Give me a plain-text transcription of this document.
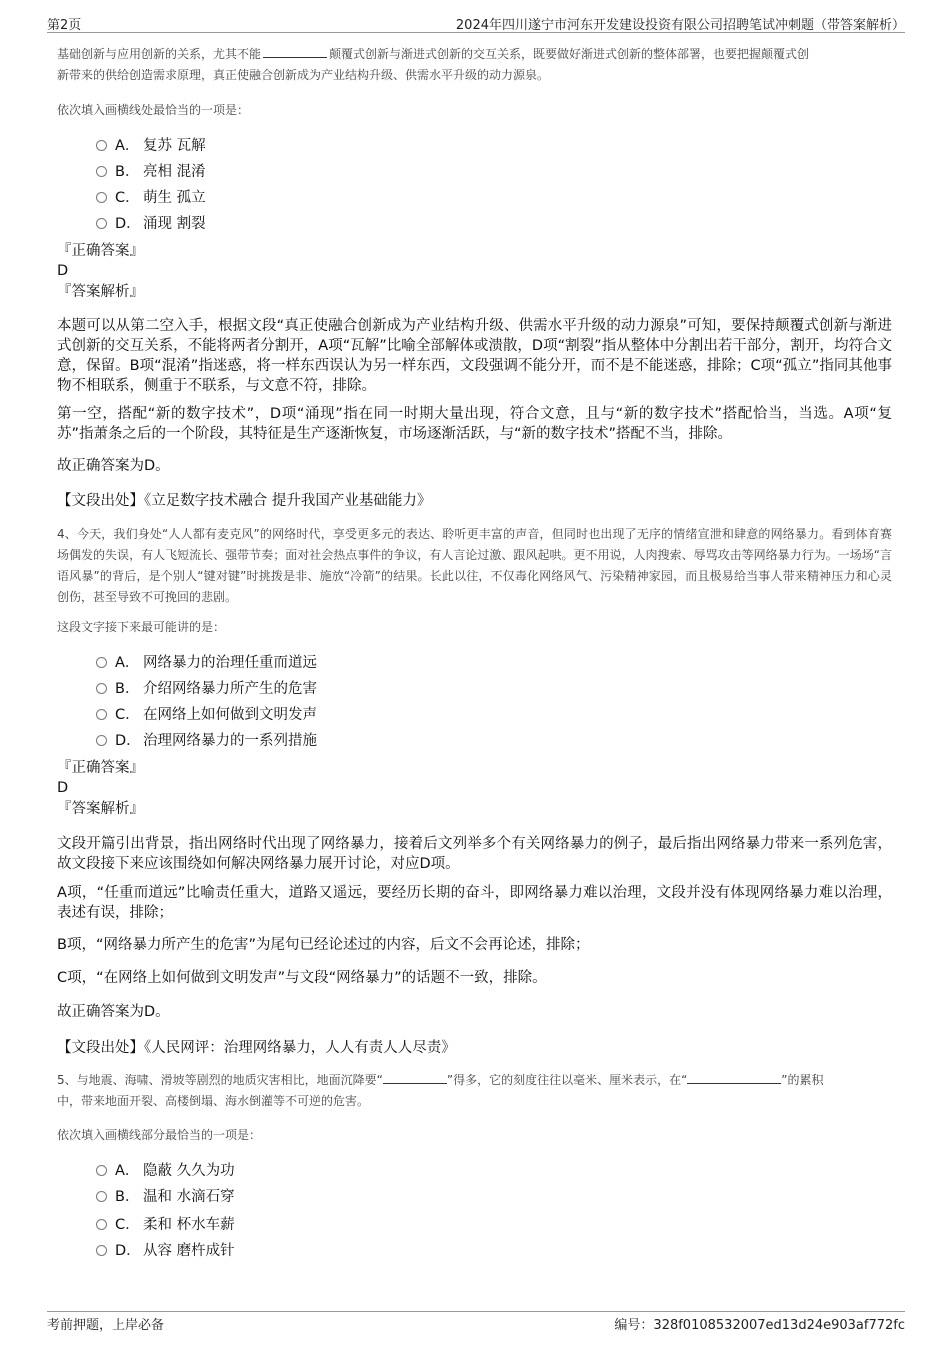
第2页	2024年四川遂宁市河东开发建设投资有限公司招聘笔试冲刺题（带答案解析）
基础创新与应用创新的关系，尤其不能	颠覆式创新与渐进式创新的交互关系，既要做好渐进式创新的整体部署，也要把握颠覆式创
新带来的供给创造需求原理，真正使融合创新成为产业结构升级、供需水平升级的动力源泉。
依次填入画横线处最恰当的一项是：
A． 复苏 瓦解
B． 亮相 混淆
C． 萌生 孤立
D． 涌现 割裂
『正确答案』
D
『答案解析』
本题可以从第二空入手，根据文段“真正使融合创新成为产业结构升级、供需水平升级的动力源泉”可知，要保持颠覆式创新与渐进式创新的交互关系，不能将两者分割开，A项“瓦解”比喻全部解体或溃散，D项“割裂”指从整体中分割出若干部分，割开，均符合文意，保留。B项“混淆”指迷惑，将一样东西误认为另一样东西，文段强调不能分开，而不是不能迷惑，排除；C项“孤立”指同其他事物不相联系，侧重于不联系，与文意不符，排除。
第一空，搭配“新的数字技术”，D项“涌现”指在同一时期大量出现，符合文意，且与“新的数字技术”搭配恰当，当选。A项“复苏”指萧条之后的一个阶段，其特征是生产逐渐恢复，市场逐渐活跃，与“新的数字技术”搭配不当，排除。
故正确答案为D。
【文段出处】《立足数字技术融合 提升我国产业基础能力》
4、今天，我们身处“人人都有麦克风”的网络时代，享受更多元的表达、聆听更丰富的声音，但同时也出现了无序的情绪宣泄和肆意的网络暴力。看到体育赛场偶发的失误，有人飞短流长、强带节奏；面对社会热点事件的争议，有人言论过激、跟风起哄。更不用说，人肉搜索、辱骂攻击等网络暴力行为。一场场“言语风暴”的背后，是个别人“键对键”时挑拨是非、施放“冷箭”的结果。长此以往，不仅毒化网络风气、污染精神家园，而且极易给当事人带来精神压力和心灵创伤，甚至导致不可挽回的悲剧。
这段文字接下来最可能讲的是：
A． 网络暴力的治理任重而道远
B． 介绍网络暴力所产生的危害
C． 在网络上如何做到文明发声
D． 治理网络暴力的一系列措施
『正确答案』
D
『答案解析』
文段开篇引出背景，指出网络时代出现了网络暴力，接着后文列举多个有关网络暴力的例子，最后指出网络暴力带来一系列危害，故文段接下来应该围绕如何解决网络暴力展开讨论，对应D项。
A项，“任重而道远”比喻责任重大，道路又遥远，要经历长期的奋斗，即网络暴力难以治理，文段并没有体现网络暴力难以治理，表述有误，排除；
B项，“网络暴力所产生的危害”为尾句已经论述过的内容，后文不会再论述，排除；
C项，“在网络上如何做到文明发声”与文段“网络暴力”的话题不一致，排除。
故正确答案为D。
【文段出处】《人民网评：治理网络暴力，人人有责人人尽责》
5、与地震、海啸、滑坡等剧烈的地质灾害相比，地面沉降要“	”得多，它的刻度往往以毫米、厘米表示，在“	”的累积
中，带来地面开裂、高楼倒塌、海水倒灌等不可逆的危害。
依次填入画横线部分最恰当的一项是：
A． 隐蔽 久久为功
B． 温和 水滴石穿
C． 柔和 杯水车薪
D． 从容 磨杵成针
考前押题，上岸必备	编号：328f0108532007ed13d24e903af772fc
